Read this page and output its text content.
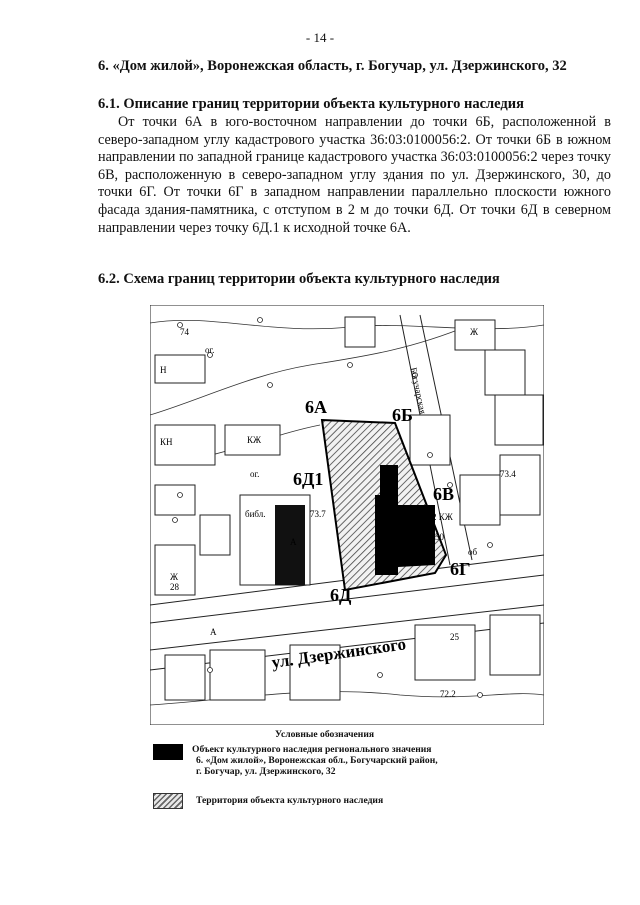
- 14 -
6. «Дом жилой», Воронежская область, г. Богучар, ул. Дзержинского, 32
6.1. Описание границ территории объекта культурного наследия

От точки 6А в юго-восточном направлении до точки 6Б, расположенной в северо-западном углу кадастрового участка 36:03:0100056:2. От точки 6Б в южном направлении по западной границе кадастрового участка 36:03:0100056:2 через точку 6В, расположенную в северо-западном углу здания по ул. Дзержинского, 30, до точки 6Г. От точки 6Г в западном направлении параллельно плоскости южного фасада здания-памятника, с отступом в 2 м до точки 6Д. От точки 6Д в северном направлении через точку 6Д.1 к исходной точке 6А.

6.2. Схема границ территории объекта культурного наследия
6А	6Б
6В
6Г
6Д
6Д1
ул. Дзержинского
Богучарская
Н
ог.
ог.
КЖ
КН
библ.	73.7
73.4
72.2
74
28
25
2 КЖ
30
об
Ж
Ж
А
А
Условные обозначения
Объект культурного наследия регионального значения
6. «Дом жилой», Воронежская обл., Богучарский район,
г. Богучар, ул. Дзержинского, 32
Территория объекта культурного наследия
